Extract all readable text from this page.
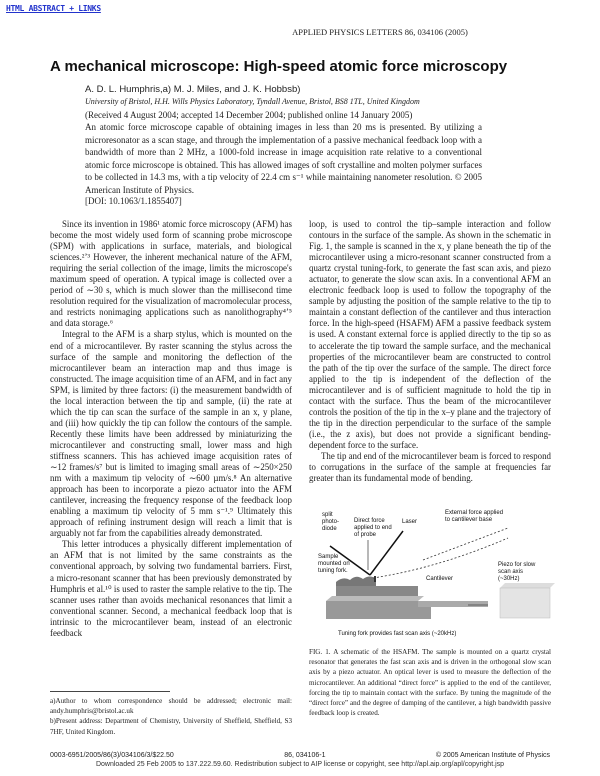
HTML ABSTRACT + LINKS
APPLIED PHYSICS LETTERS 86, 034106 (2005)
A mechanical microscope: High-speed atomic force microscopy
A. D. L. Humphris,a) M. J. Miles, and J. K. Hobbsb)
University of Bristol, H.H. Wills Physics Laboratory, Tyndall Avenue, Bristol, BS8 1TL, United Kingdom
(Received 4 August 2004; accepted 14 December 2004; published online 14 January 2005)
An atomic force microscope capable of obtaining images in less than 20 ms is presented. By utilizing a microresonator as a scan stage, and through the implementation of a passive mechanical feedback loop with a bandwidth of more than 2 MHz, a 1000-fold increase in image acquisition rate relative to a conventional atomic force microscope is obtained. This has allowed images of soft crystalline and molten polymer surfaces to be collected in 14.3 ms, with a tip velocity of 22.4 cm s⁻¹ while maintaining nanometer resolution. © 2005 American Institute of Physics.
[DOI: 10.1063/1.1855407]

Since its invention in 1986¹ atomic force microscopy (AFM) has become the most widely used form of scanning probe microscope (SPM) with applications in surface, materials, and biological sciences.²ʼ³ However, the inherent mechanical nature of the AFM, requiring the serial collection of the image, limits the microscope's maximum speed of operation. A typical image is collected over a period of ∼30 s, which is much slower than the millisecond time resolution required for the visualization of macromolecular process, and restricts nonimaging applications such as nanolithography⁴ʼ⁵ and data storage.⁶

Integral to the AFM is a sharp stylus, which is mounted on the end of a microcantilever. By raster scanning the stylus across the surface of the sample and monitoring the deflection of the microcantilever beam an interaction map and thus image is constructed. The image acquisition time of an AFM, and in fact any SPM, is limited by three factors: (i) the measurement bandwidth of the local interaction between the tip and sample, (ii) the rate at which the tip can scan the surface of the sample in an x, y plane, and (iii) how quickly the tip can follow the contours of the sample. Recently these limits have been addressed by miniaturizing the microcantilever and constructing small, lower mass and high stiffness scanners. This has achieved image acquisition rates of ∼12 frames/s⁷ but is limited to imaging small areas of ∼250×250 nm with a maximum tip velocity of ∼600 µm/s.⁸ An alternative approach has been to incorporate a piezo actuator into the AFM cantilever, increasing the frequency response of the feedback loop enabling a maximum tip velocity of 5 mm s⁻¹.⁹ Ultimately this approach of refining instrument design will reach a limit that is arguably not far from the capabilities already demonstrated.

This letter introduces a physically different implementation of an AFM that is not limited by the same constraints as the conventional approach, by solving two fundamental barriers. First, a micro-resonant scanner that has been previously demonstrated by Humphris et al.¹⁰ is used to raster the sample relative to the tip. The scanner uses rather than avoids mechanical resonances that limit a conventional scanner. Second, a mechanical feedback loop that is intrinsic to the microcantilever beam, instead of an electronic feedback

loop, is used to control the tip–sample interaction and follow contours in the surface of the sample. As shown in the schematic in Fig. 1, the sample is scanned in the x, y plane beneath the tip of the microcantilever using a micro-resonant scanner constructed from a quartz crystal tuning-fork, to generate the fast scan axis, and piezo actuator, to generate the slow scan axis. In a conventional AFM an electronic feedback loop is used to follow the topography of the sample by adjusting the position of the sample relative to the tip to maintain a constant deflection of the cantilever and thus interaction force. In the high-speed (HSAFM) AFM a passive feedback system is used. A constant external force is applied directly to the tip so as to accelerate the tip toward the sample surface, and the mechanical properties of the microcantilever beam are constructed to control the path of the tip over the surface of the sample. The direct force applied to the tip is independent of the deflection of the microcantilever and is of sufficient magnitude to hold the tip in contact with the surface. Thus the beam of the microcantilever controls the position of the tip in the x–y plane and the trajectory of the tip in the direction perpendicular to the surface of the sample (i.e., the z axis), but does not provide a significant bending-dependent force to the surface.

The tip and end of the microcantilever beam is forced to respond to corrugations in the surface of the sample at frequencies far greater than its fundamental mode of bending.

split photo-diode
Direct force applied to end of probe
Laser
External force applied to cantilever base
Sample mounted on tuning fork.
Cantilever
Piezo for slow scan axis (~30Hz)
Tuning fork provides fast scan axis (~20kHz)
FIG. 1. A schematic of the HSAFM. The sample is mounted on a quartz crystal resonator that generates the fast scan axis and is driven in the orthogonal slow scan axis by a piezo actuator. An optical lever is used to measure the deflection of the microcantilever. An additional “direct force” is applied to the end of the cantilever, forcing the tip to maintain contact with the surface. By tuning the magnitude of the “direct force” and the degree of damping of the cantilever, a high bandwidth passive feedback loop is created.
a)Author to whom correspondence should be addressed; electronic mail: andy.humphris@bristol.ac.uk
b)Present address: Department of Chemistry, University of Sheffield, Sheffield, S3 7HF, United Kingdom.
0003-6951/2005/86(3)/034106/3/$22.50	86, 034106-1	© 2005 American Institute of Physics
Downloaded 25 Feb 2005 to 137.222.59.60. Redistribution subject to AIP license or copyright, see http://apl.aip.org/apl/copyright.jsp
